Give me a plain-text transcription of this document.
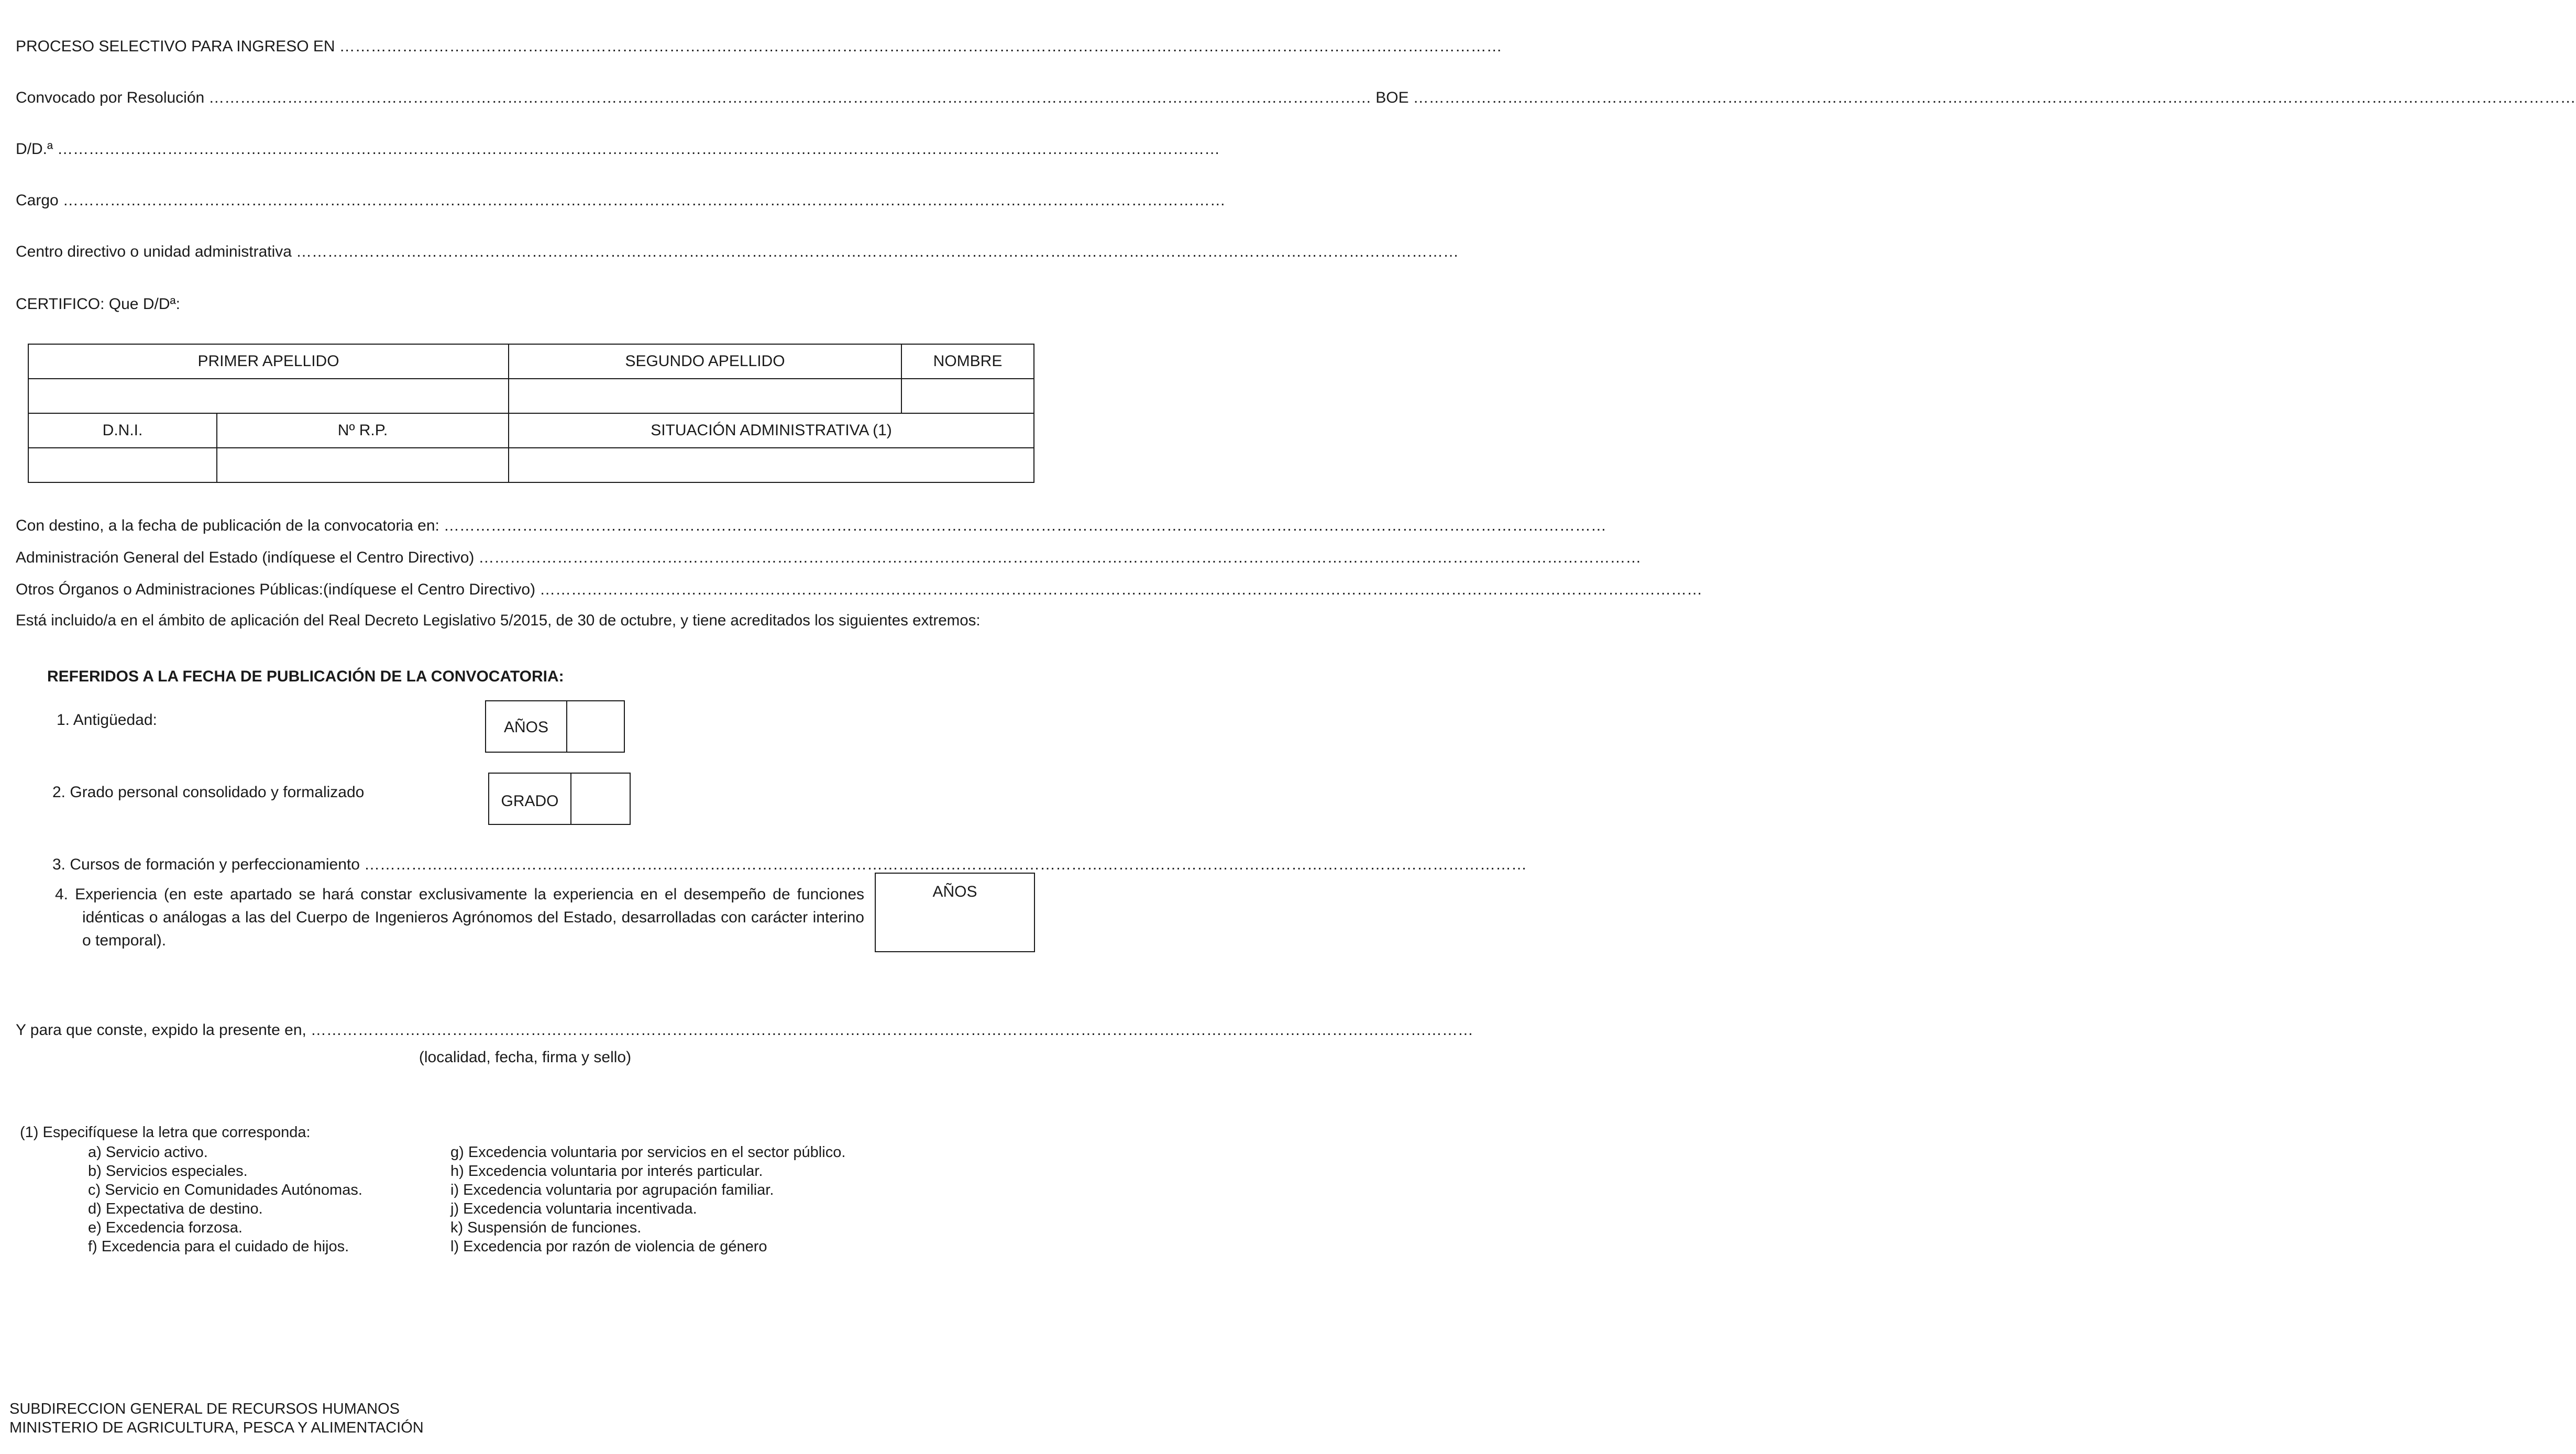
PROCESO SELECTIVO PARA INGRESO EN ……………………………………………………………………………………………………………………………………………………………………………………………………
Convocado por Resolución …………………………………………………………………………………………………………………………………………………………………………………………………… BOE ……………………………………………………………………………………………………………………………………………………………………………………………………
D/D.ª ……………………………………………………………………………………………………………………………………………………………………………………………………
Cargo ……………………………………………………………………………………………………………………………………………………………………………………………………
Centro directivo o unidad administrativa ……………………………………………………………………………………………………………………………………………………………………………………………………
CERTIFICO: Que D/Dª:
PRIMER APELLIDO		SEGUNDO APELLIDO	NOMBRE

D.N.I.	Nº R.P.	SITUACIÓN ADMINISTRATIVA (1)	

Con destino, a la fecha de publicación de la convocatoria en: ……………………………………………………………………………………………………………………………………………………………………………………………………
Administración General del Estado (indíquese el Centro Directivo) ……………………………………………………………………………………………………………………………………………………………………………………………………
Otros Órganos o Administraciones Públicas:(indíquese el Centro Directivo) ……………………………………………………………………………………………………………………………………………………………………………………………………
Está incluido/a en el ámbito de aplicación del Real Decreto Legislativo 5/2015, de 30 de octubre, y tiene acreditados los siguientes extremos:
REFERIDOS A LA FECHA DE PUBLICACIÓN DE LA CONVOCATORIA:
1. Antigüedad:	AÑOS
2. Grado personal consolidado y formalizado
GRADO
3. Cursos de formación y perfeccionamiento ……………………………………………………………………………………………………………………………………………………………………………………………………
4. Experiencia (en este apartado se hará constar exclusivamente la experiencia en el desempeño de funciones
idénticas o análogas a las del Cuerpo de Ingenieros Agrónomos del Estado, desarrolladas con carácter interino
o temporal).
AÑOS
Y para que conste, expido la presente en, ……………………………………………………………………………………………………………………………………………………………………………………………………
(localidad, fecha, firma y sello)
(1) Especifíquese la letra que corresponda:
a) Servicio activo.
b) Servicios especiales.
c) Servicio en Comunidades Autónomas.
d) Expectativa de destino.
e) Excedencia forzosa.
f) Excedencia para el cuidado de hijos.
g) Excedencia voluntaria por servicios en el sector público.
h) Excedencia voluntaria por interés particular.
i) Excedencia voluntaria por agrupación familiar.
j) Excedencia voluntaria incentivada.
k) Suspensión de funciones.
l) Excedencia por razón de violencia de género
SUBDIRECCION GENERAL DE RECURSOS HUMANOS
MINISTERIO DE AGRICULTURA, PESCA Y ALIMENTACIÓN
